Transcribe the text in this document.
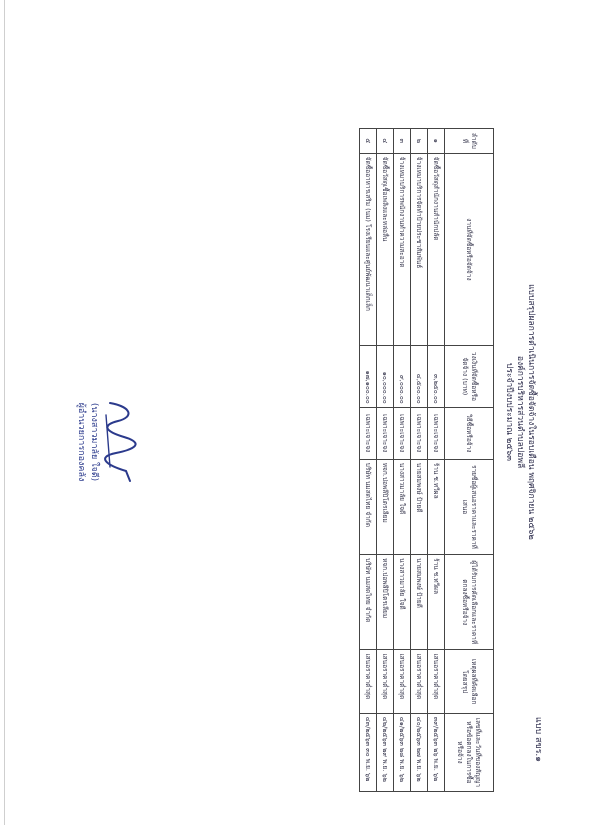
แบบ สขร.๑
แบบสรุปผลการดำเนินการจัดซื้อจัดจ้างในรอบเดือน พฤศจิกายน ๒๕๖๒
องค์การบริหารส่วนตำบลปอพลี
ประจำปีงบประมาณ ๒๕๖๓
ลำดับที่	งานที่จัดซื้อหรือจัดจ้าง	วงเงินที่จัดซื้อหรือจัดจ้าง (บาท)	วิธีซื้อหรือจ้าง	รายชื่อผู้เสนอราคาและราคาที่เสนอ	ผู้ได้รับการคัดเลือกและราคาที่ตกลงซื้อหรือจ้าง	เหตุผลที่คัดเลือกโดยสรุป	เลขที่และวันที่ของสัญญาหรือข้อตกลงในการซื้อหรือจ้าง
๑	จัดซื้อวัสดุสำนักงานสำนักปลัด	๓,๒๕๐.๐๐	เฉพาะเจาะจง	ร้าน ช.ทวีผล	ร้าน ช.ทวีผล	เสนอราคาต่ำสุด	๓๙/๒๕๖๓ ๒๖ พ.ย. ๖๒
๒	จ้างเหมาบริการจัดทำป้ายประชาสัมพันธ์	๔,๕๐๐.๐๐	เฉพาะเจาะจง	นายสมพงษ์ ป้ายดี	นายสมพงษ์ ป้ายดี	เสนอราคาต่ำสุด	๔๐/๒๕๖๓ ๒๗ พ.ย. ๖๒
๓	จ้างเหมาบริการพนักงานทำความสะอาด	๙,๐๐๐.๐๐	เฉพาะเจาะจง	นางสาวมาลัย ใจดี	นางสาวมาลัย ใจดี	เสนอราคาต่ำสุด	๔๑/๒๕๖๓ ๒๘ พ.ย. ๖๒
๔	จัดซื้อวัสดุเชื้อเพลิงและหล่อลื่น	๑๐,๐๐๐.๐๐	เฉพาะเจาะจง	หจก.ปอพลีปิโตรเลียม	หจก.ปอพลีปิโตรเลียม	เสนอราคาต่ำสุด	๔๒/๒๕๖๓ ๒๙ พ.ย. ๖๒
๕	จัดซื้ออาหารเสริม (นม) โรงเรียนและศูนย์พัฒนาเด็กเล็ก	๑๗,๑๐๐.๐๐	เฉพาะเจาะจง	บริษัท นมสดไทย จำกัด	บริษัท นมสดไทย จำกัด	เสนอราคาต่ำสุด	๔๓/๒๕๖๓ ๓๐ พ.ย. ๖๒
(นางสาวมาลัย ใจดี)
ผู้อำนวยการกองคลัง
